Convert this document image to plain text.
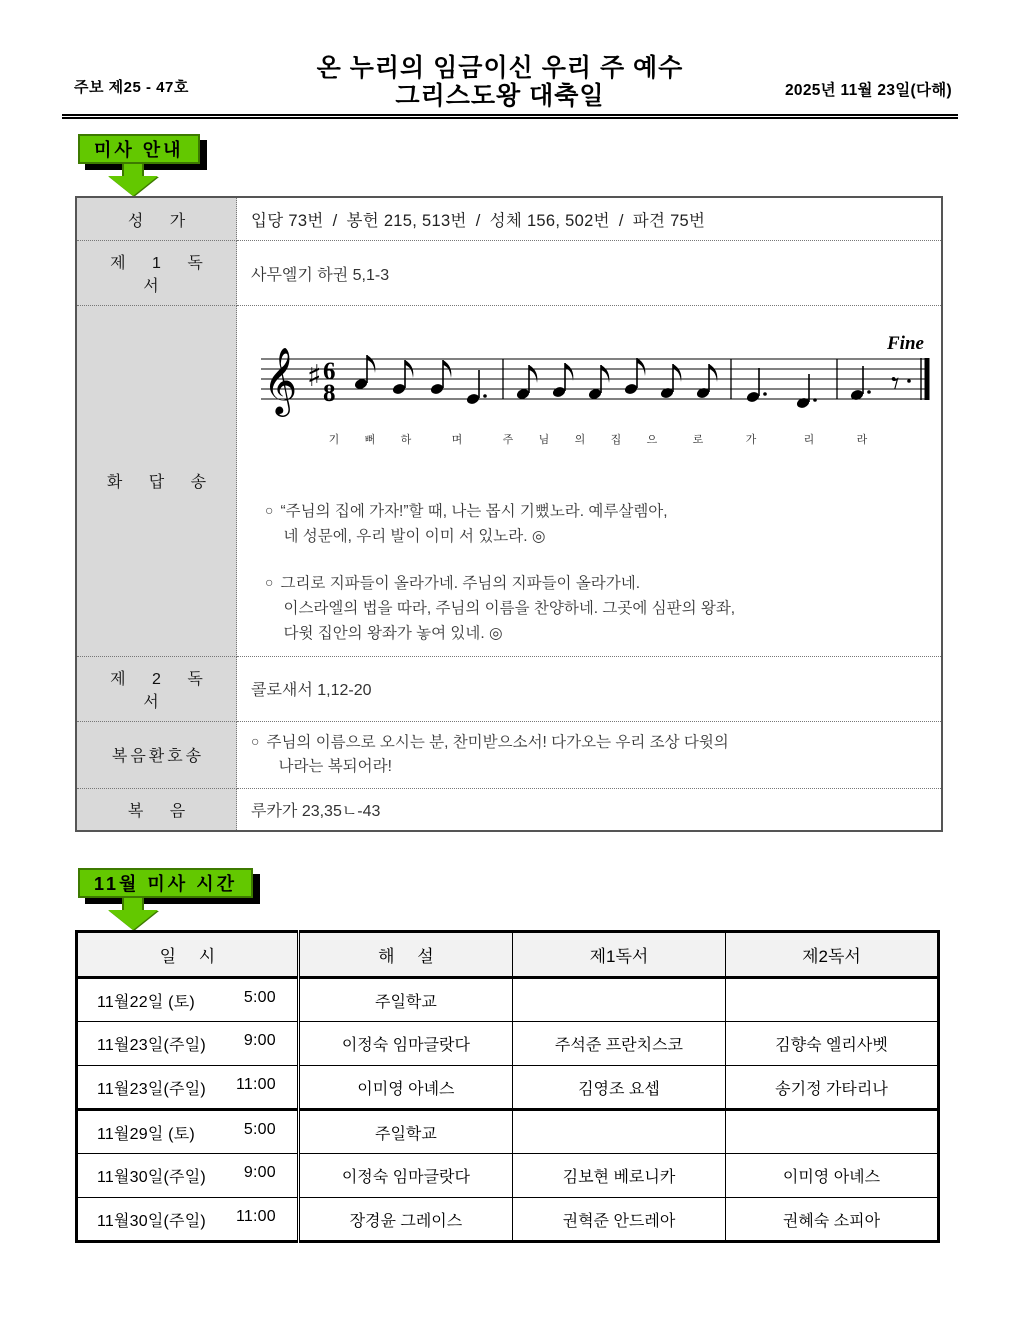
주보 제25 - 47호
온 누리의 임금이신 우리 주 예수
그리스도왕 대축일	2025년 11월 23일(다해)
미사 안내
성 가	입당 73번 / 봉헌 215, 513번 / 성체 156, 502번 / 파견 75번
제 1 독 서	사무엘기 하권 5,1-3
화 답 송	
𝄞 ♯ 6
8	𝄾
Fine
기	뻐	하	며	주	님	의	집	으	로	가	리	라
○ “주님의 집에 가자!”할 때, 나는 몹시 기뻤노라. 예루살렘아,
네 성문에, 우리 발이 이미 서 있노라. ◎
○ 그리로 지파들이 올라가네. 주님의 지파들이 올라가네.
이스라엘의 법을 따라, 주님의 이름을 찬양하네. 그곳에 심판의 왕좌,
다윗 집안의 왕좌가 놓여 있네. ◎

제 2 독 서	콜로새서 1,12-20
복음환호송	○ 주님의 이름으로 오시는 분, 찬미받으소서! 다가오는 우리 조상 다윗의
나라는 복되어라!

복 음	루카가 23,35ㄴ-43
11월 미사 시간
일 시	해 설	제1독서	제2독서

11월22일 (토) 5:00	주일학교		

11월23일(주일) 9:00	이정숙 임마글랏다	주석준 프란치스코	김향숙 엘리사벳

11월23일(주일) 11:00	이미영 아녜스	김영조 요셉	송기정 가타리나

11월29일 (토) 5:00	주일학교		

11월30일(주일) 9:00	이정숙 임마글랏다	김보현 베로니카	이미영 아녜스

11월30일(주일) 11:00	장경윤 그레이스	권혁준 안드레아	권혜숙 소피아
